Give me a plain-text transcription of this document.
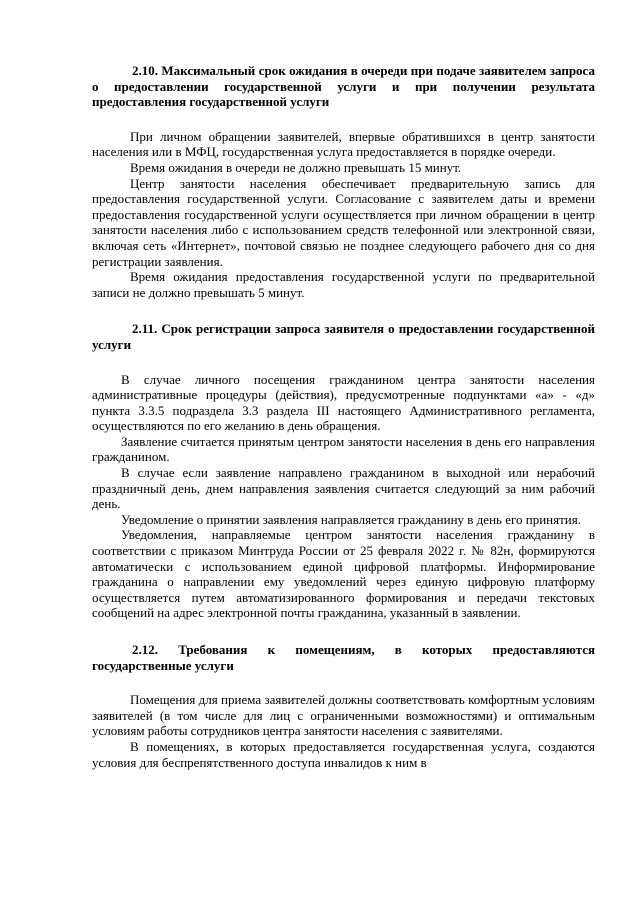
2.10. Максимальный срок ожидания в очереди при подаче заявителем запроса о предоставлении государственной услуги и при получении результата предоставления государственной услуги

При личном обращении заявителей, впервые обратившихся в центр занятости населения или в МФЦ, государственная услуга предоставляется в порядке очереди.

Время ожидания в очереди не должно превышать 15 минут.

Центр занятости населения обеспечивает предварительную запись для предоставления государственной услуги. Согласование с заявителем даты и времени предоставления государственной услуги осуществляется при личном обращении в центр занятости населения либо с использованием средств телефонной или электронной связи, включая сеть «Интернет», почтовой связью не позднее следующего рабочего дня со дня регистрации заявления.

Время ожидания предоставления государственной услуги по предварительной записи не должно превышать 5 минут.

2.11. Срок регистрации запроса заявителя о предоставлении государственной услуги

В случае личного посещения гражданином центра занятости населения административные процедуры (действия), предусмотренные подпунктами «а» - «д» пункта 3.3.5 подраздела 3.3 раздела III настоящего Административного регламента, осуществляются по его желанию в день обращения.

Заявление считается принятым центром занятости населения в день его направления гражданином.

В случае если заявление направлено гражданином в выходной или нерабочий праздничный день, днем направления заявления считается следующий за ним рабочий день.

Уведомление о принятии заявления направляется гражданину в день его принятия.

Уведомления, направляемые центром занятости населения гражданину в соответствии с приказом Минтруда России от 25 февраля 2022 г. № 82н, формируются автоматически с использованием единой цифровой платформы. Информирование гражданина о направлении ему уведомлений через единую цифровую платформу осуществляется путем автоматизированного формирования и передачи текстовых сообщений на адрес электронной почты гражданина, указанный в заявлении.

2.12. Требования к помещениям, в которых предоставляются государственные услуги

Помещения для приема заявителей должны соответствовать комфортным условиям заявителей (в том числе для лиц с ограниченными возможностями) и оптимальным условиям работы сотрудников центра занятости населения с заявителями.

В помещениях, в которых предоставляется государственная услуга, создаются условия для беспрепятственного доступа инвалидов к ним в
